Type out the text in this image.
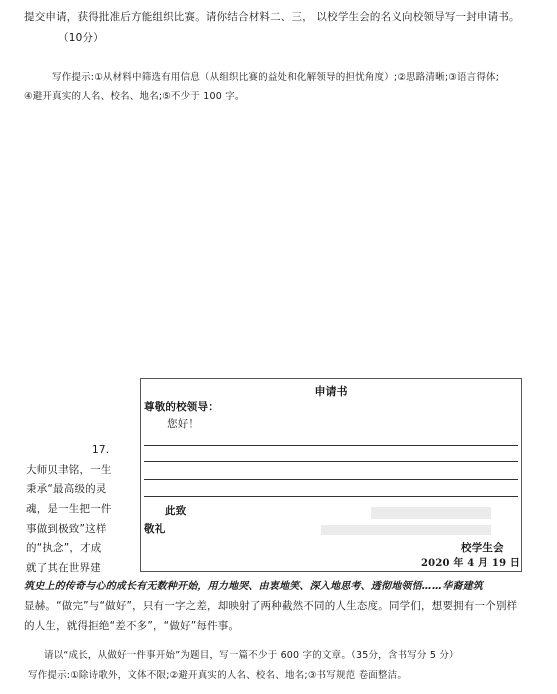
提交申请，获得批准后方能组织比赛。请你结合材料二、三， 以校学生会的名义向校领导写一封申请书。
（10分）
写作提示:①从材料中筛选有用信息（从组织比赛的益处和化解领导的担忧角度）;②思路清晰;③语言得体;
④避开真实的人名、校名、地名;⑤不少于 100 字。
申请书
尊敬的校领导：
您好！
此致
敬礼
校学生会
2020 年 4 月 19 日
17.
大师贝聿铭，一生
秉承“最高级的灵
魂，是一生把一件
事做到极致”这样
的“执念”，才成
就了其在世界建
筑史上的传奇与心的成长有无数种开始，用力地哭、由衷地笑、深入地思考、透彻地领悟……华裔建筑
显赫。“做完”与“做好”，只有一字之差，却映射了两种截然不同的人生态度。同学们，想要拥有一个别样
的人生，就得拒绝“差不多”，“做好”每件事。
请以“成长，从做好一件事开始”为题目，写一篇不少于 600 字的文章。（35分，含书写分 5 分）
写作提示:①除诗歌外，文体不限;②避开真实的人名、校名、地名;③书写规范 卷面整洁。
